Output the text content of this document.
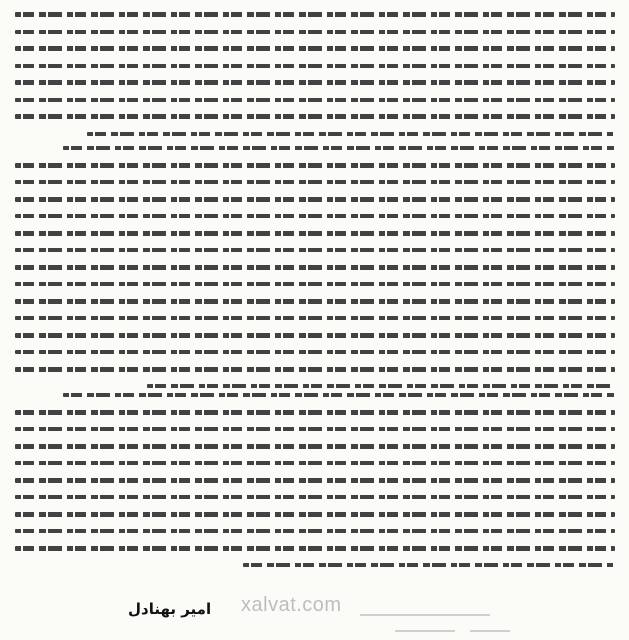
xalvat.com
امیر بهنادل
